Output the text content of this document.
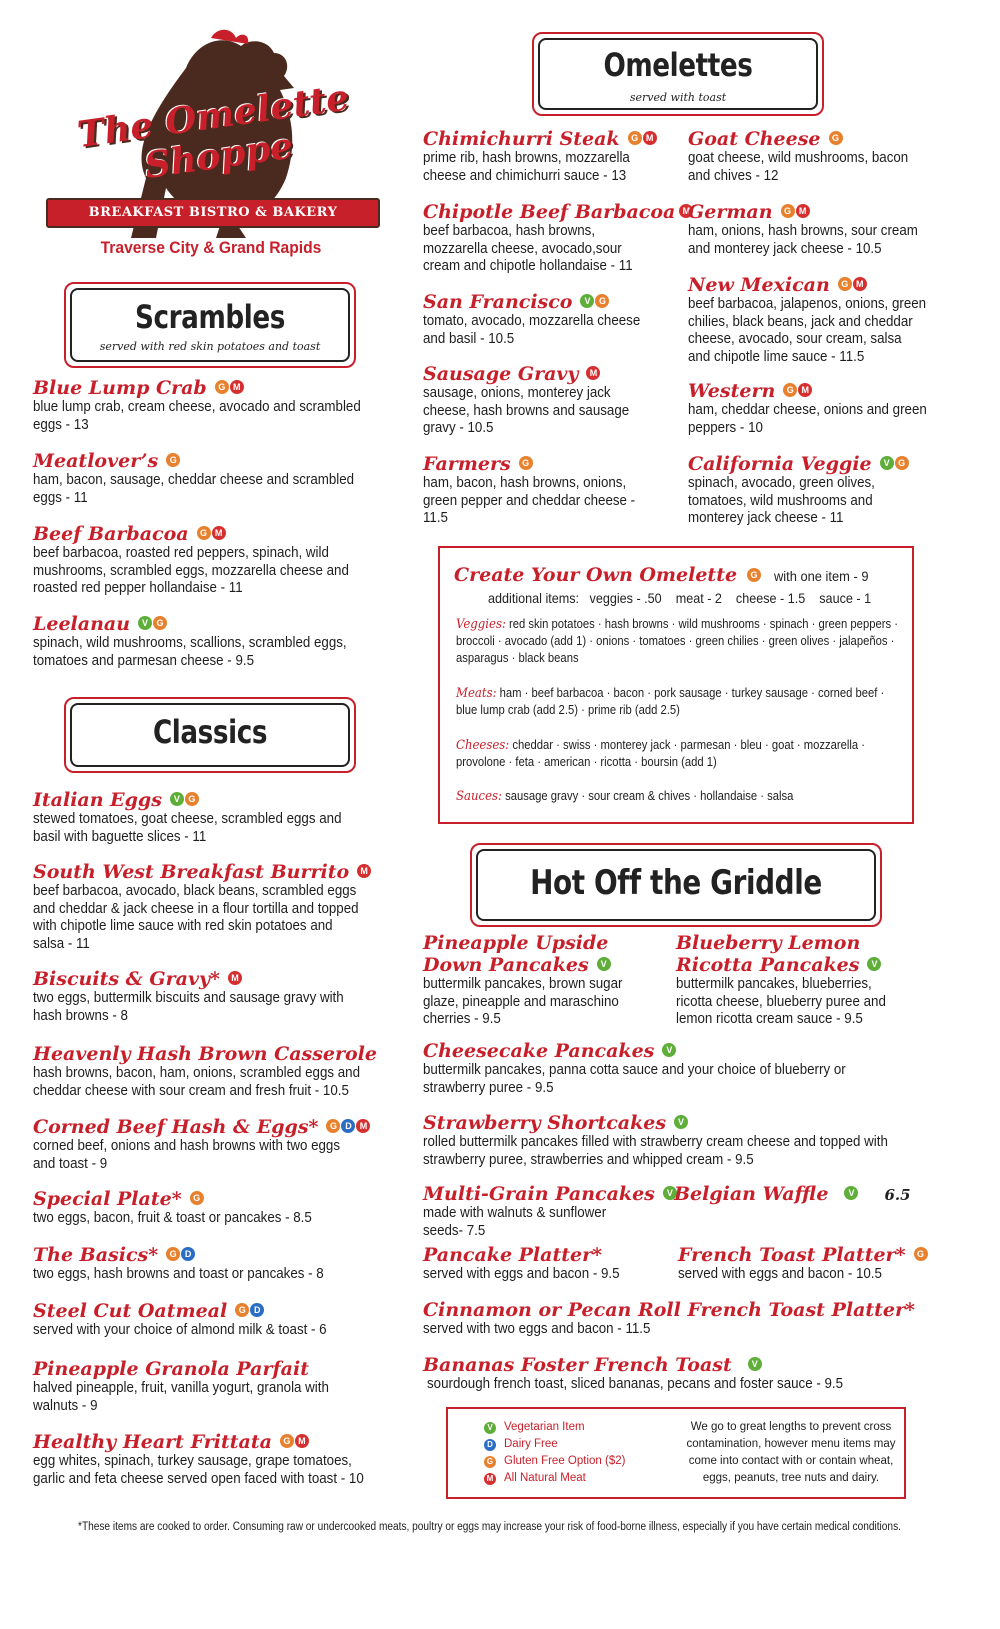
The Omelette Shoppe
BREAKFAST BISTRO & BAKERY
Traverse City & Grand Rapids
Scrambles
served with red skin potatoes and toast
Blue Lump Crab	G M
blue lump crab, cream cheese, avocado and scrambled eggs - 13
Meatlover’s	G
ham, bacon, sausage, cheddar cheese and scrambled eggs - 11
Beef Barbacoa	G M
beef barbacoa, roasted red peppers, spinach, wild mushrooms, scrambled eggs, mozzarella cheese and roasted red pepper hollandaise - 11
Leelanau	V G
spinach, wild mushrooms, scallions, scrambled eggs, tomatoes and parmesan cheese - 9.5
Classics
Italian Eggs	V G
stewed tomatoes, goat cheese, scrambled eggs and basil with baguette slices - 11
South West Breakfast Burrito	M
beef barbacoa, avocado, black beans, scrambled eggs and cheddar & jack cheese in a flour tortilla and topped with chipotle lime sauce with red skin potatoes and salsa - 11
Biscuits & Gravy*	M
two eggs, buttermilk biscuits and sausage gravy with hash browns - 8
Heavenly Hash Brown Casserole
hash browns, bacon, ham, onions, scrambled eggs and cheddar cheese with sour cream and fresh fruit - 10.5
Corned Beef Hash & Eggs*	G D M
corned beef, onions and hash browns with two eggs and toast - 9
Special Plate*	G
two eggs, bacon, fruit & toast or pancakes - 8.5
The Basics*	G D
two eggs, hash browns and toast or pancakes - 8
Steel Cut Oatmeal	G D
served with your choice of almond milk & toast - 6
Pineapple Granola Parfait
halved pineapple, fruit, vanilla yogurt, granola with walnuts - 9
Healthy Heart Frittata	G M
egg whites, spinach, turkey sausage, grape tomatoes, garlic and feta cheese served open faced with toast - 10
Omelettes
served with toast
Chimichurri Steak	G M
prime rib, hash browns, mozzarella cheese and chimichurri sauce - 13
Chipotle Beef Barbacoa M
beef barbacoa, hash browns, mozzarella cheese, avocado,sour cream and chipotle hollandaise - 11
San Francisco	V G
tomato, avocado, mozzarella cheese and basil - 10.5
Sausage Gravy	M
sausage, onions, monterey jack cheese, hash browns and sausage gravy - 10.5
Farmers	G
ham, bacon, hash browns, onions, green pepper and cheddar cheese - 11.5
Goat Cheese	G
goat cheese, wild mushrooms, bacon and chives - 12
German	G M
ham, onions, hash browns, sour cream and monterey jack cheese - 10.5
New Mexican	G M
beef barbacoa, jalapenos, onions, green chilies, black beans, jack and cheddar cheese, avocado, sour cream, salsa and chipotle lime sauce - 11.5
Western	G M
ham, cheddar cheese, onions and green peppers - 10
California Veggie	V G
spinach, avocado, green olives, tomatoes, wild mushrooms and monterey jack cheese - 11
Create Your Own Omelette	G with one item - 9
additional items:   veggies - .50    meat - 2    cheese - 1.5    sauce - 1
Veggies: red skin potatoes · hash browns · wild mushrooms · spinach · green peppers · broccoli · avocado (add 1) · onions · tomatoes · green chilies · green olives · jalapeños · asparagus · black beans
Meats: ham · beef barbacoa · bacon · pork sausage · turkey sausage · corned beef · blue lump crab (add 2.5) · prime rib (add 2.5)
Cheeses: cheddar · swiss · monterey jack · parmesan · bleu · goat · mozzarella · provolone · feta · american · ricotta · boursin (add 1)
Sauces: sausage gravy · sour cream & chives · hollandaise · salsa
Hot Off the Griddle
Pineapple Upside
Down Pancakes	V
buttermilk pancakes, brown sugar glaze, pineapple and maraschino cherries - 9.5
Blueberry Lemon
Ricotta Pancakes	V
buttermilk pancakes, blueberries, ricotta cheese, blueberry puree and lemon ricotta cream sauce - 9.5
Cheesecake Pancakes	V
buttermilk pancakes, panna cotta sauce and your choice of blueberry or strawberry puree - 9.5
Strawberry Shortcakes	V
rolled buttermilk pancakes filled with strawberry cream cheese and topped with strawberry puree, strawberries and whipped cream - 9.5
Multi-Grain Pancakes	V
made with walnuts & sunflower seeds- 7.5
Belgian Waffle	V 6.5
Pancake Platter*
served with eggs and bacon - 9.5
French Toast Platter*	G
served with eggs and bacon - 10.5
Cinnamon or Pecan Roll French Toast Platter*
served with two eggs and bacon - 11.5
Bananas Foster French Toast	V
sourdough french toast, sliced bananas, pecans and foster sauce - 9.5
V Vegetarian Item
D Dairy Free
G Gluten Free Option ($2)
M All Natural Meat
We go to great lengths to prevent cross contamination, however menu items may come into contact with or contain wheat, eggs, peanuts, tree nuts and dairy.
*These items are cooked to order. Consuming raw or undercooked meats, poultry or eggs may increase your risk of food-borne illness, especially if you have certain medical conditions.
